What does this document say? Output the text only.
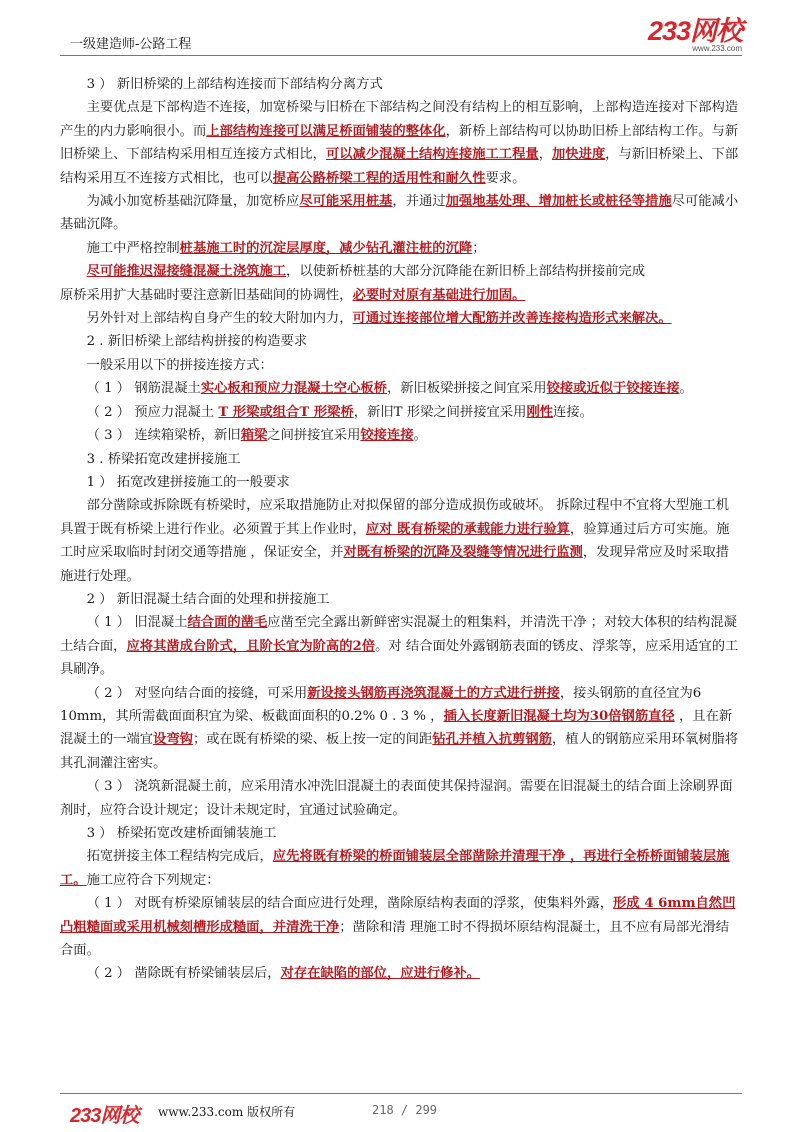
一级建造师-公路工程	233网校
www.233.com

3 ） 新旧桥梁的上部结构连接而下部结构分离方式

主要优点是下部构造不连接，加宽桥梁与旧桥在下部结构之间没有结构上的相互影响，上部构造连接对下部构造产生的内力影响很小。而上部结构连接可以满足桥面铺装的整体化，新桥上部结构可以协助旧桥上部结构工作。与新旧桥梁上、下部结构采用相互连接方式相比，可以减少混凝土结构连接施工工程量，加快进度，与新旧桥梁上、下部结构采用互不连接方式相比，也可以提高公路桥梁工程的适用性和耐久性要求。

为减小加宽桥基础沉降量，加宽桥应尽可能采用桩基，并通过加强地基处理、增加桩长或桩径等措施尽可能减小基础沉降。

施工中严格控制桩基施工时的沉淀层厚度，减少钻孔灌注桩的沉降；

尽可能推迟湿接缝混凝土浇筑施工，以使新桥桩基的大部分沉降能在新旧桥上部结构拼接前完成

原桥采用扩大基础时要注意新旧基础间的协调性，必要时对原有基础进行加固。

另外针对上部结构自身产生的较大附加内力，可通过连接部位增大配筋并改善连接构造形式来解决。

2 . 新旧桥梁上部结构拼接的构造要求

一般采用以下的拼接连接方式：

（ 1 ） 钢筋混凝土实心板和预应力混凝土空心板桥，新旧板梁拼接之间宜采用铰接或近似于铰接连接。

（ 2 ） 预应力混凝土 T 形梁或组合T 形梁桥，新旧T 形梁之间拼接宜采用刚性连接。

（ 3 ） 连续箱梁桥，新旧箱梁之间拼接宜采用铰接连接。

3 . 桥梁拓宽改建拼接施工

1 ） 拓宽改建拼接施工的一般要求

部分凿除或拆除既有桥梁时，应采取措施防止对拟保留的部分造成损伤或破坏。 拆除过程中不宜将大型施工机具置于既有桥梁上进行作业。必须置于其上作业时，应对 既有桥梁的承载能力进行验算，验算通过后方可实施。施工时应采取临时封闭交通等措施 ，保证安全，并对既有桥梁的沉降及裂缝等情况进行监测，发现异常应及时采取措施进行处理。

2 ） 新旧混凝土结合面的处理和拼接施工

（ 1 ） 旧混凝土结合面的凿毛应凿至完全露出新鲜密实混凝土的粗集料，并清洗干净 ；对较大体积的结构混凝土结合面，应将其凿成台阶式，且阶长宜为阶高的2倍。对 结合面处外露钢筋表面的锈皮、浮浆等，应采用适宜的工具刷净。

（ 2 ） 对竖向结合面的接缝，可采用新设接头钢筋再浇筑混凝土的方式进行拼接，接头钢筋的直径宜为6 10mm，其所需截面面积宜为梁、板截面面积的0.2% 0 . 3 % ，插入长度新旧混凝土均为30倍钢筋直径 ，且在新混凝土的一端宜设弯钩；或在既有桥梁的梁、板上按一定的间距钻孔并植入抗剪钢筋，植人的钢筋应采用环氧树脂将其孔洞灌注密实。

（ 3 ） 浇筑新混凝土前，应采用清水冲洗旧混凝土的表面使其保持湿润。需要在旧混凝土的结合面上涂刷界面剂时，应符合设计规定；设计未规定时，宜通过试验确定。

3 ） 桥梁拓宽改建桥面铺装施工

拓宽拼接主体工程结构完成后，应先将既有桥梁的桥面铺装层全部凿除并清理干净 ，再进行全桥桥面铺装层施工。施工应符合下列规定：

（ 1 ） 对既有桥梁原铺装层的结合面应进行处理，凿除原结构表面的浮浆，使集料外露，形成 4 6mm自然凹凸粗糙面或采用机械刻槽形成糙面，并清洗干净；凿除和清 理施工时不得损坏原结构混凝土，且不应有局部光滑结合面。

（ 2 ） 凿除既有桥梁铺装层后，对存在缺陷的部位，应进行修补。

233网校 www.233.com 版权所有	218 / 299
